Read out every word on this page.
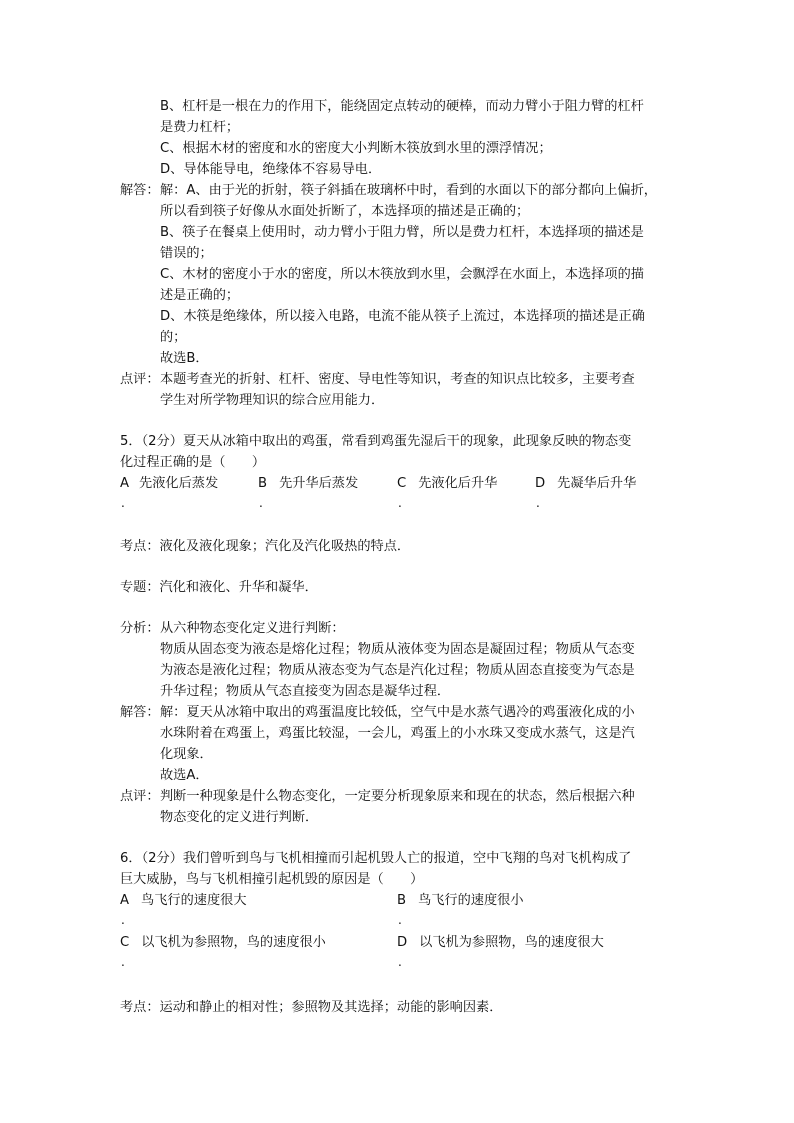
B、杠杆是一根在力的作用下，能绕固定点转动的硬棒，而动力臂小于阻力臂的杠杆
是费力杠杆；
C、根据木材的密度和水的密度大小判断木筷放到水里的漂浮情况；
D、导体能导电，绝缘体不容易导电．
解答： 解：A、由于光的折射，筷子斜插在玻璃杯中时，看到的水面以下的部分都向上偏折，
所以看到筷子好像从水面处折断了，本选择项的描述是正确的；
B、筷子在餐桌上使用时，动力臂小于阻力臂，所以是费力杠杆，本选择项的描述是
错误的；
C、木材的密度小于水的密度，所以木筷放到水里，会飘浮在水面上，本选择项的描
述是正确的；
D、木筷是绝缘体，所以接入电路，电流不能从筷子上流过，本选择项的描述是正确
的；
故选B．
点评： 本题考查光的折射、杠杆、密度、导电性等知识，考查的知识点比较多，主要考查
学生对所学物理知识的综合应用能力．
5．（2分）夏天从冰箱中取出的鸡蛋，常看到鸡蛋先湿后干的现象，此现象反映的物态变
化过程正确的是（　　）
A 先液化后蒸发
.
B 先升华后蒸发
.
C 先液化后升华
.
D 先凝华后升华
.
考点：液化及液化现象；汽化及汽化吸热的特点．
专题：汽化和液化、升华和凝华．
分析： 从六种物态变化定义进行判断：
物质从固态变为液态是熔化过程；物质从液体变为固态是凝固过程；物质从气态变
为液态是液化过程；物质从液态变为气态是汽化过程；物质从固态直接变为气态是
升华过程；物质从气态直接变为固态是凝华过程．
解答： 解：夏天从冰箱中取出的鸡蛋温度比较低，空气中是水蒸气遇冷的鸡蛋液化成的小
水珠附着在鸡蛋上，鸡蛋比较湿，一会儿，鸡蛋上的小水珠又变成水蒸气，这是汽
化现象．
故选A．
点评： 判断一种现象是什么物态变化，一定要分析现象原来和现在的状态，然后根据六种
物态变化的定义进行判断．
6．（2分）我们曾听到鸟与飞机相撞而引起机毁人亡的报道，空中飞翔的鸟对飞机构成了
巨大威胁，鸟与飞机相撞引起机毁的原因是（　　）
A 鸟飞行的速度很大
.
B 鸟飞行的速度很小
.
C 以飞机为参照物，鸟的速度很小
.
D 以飞机为参照物，鸟的速度很大
.
考点：运动和静止的相对性；参照物及其选择；动能的影响因素．
